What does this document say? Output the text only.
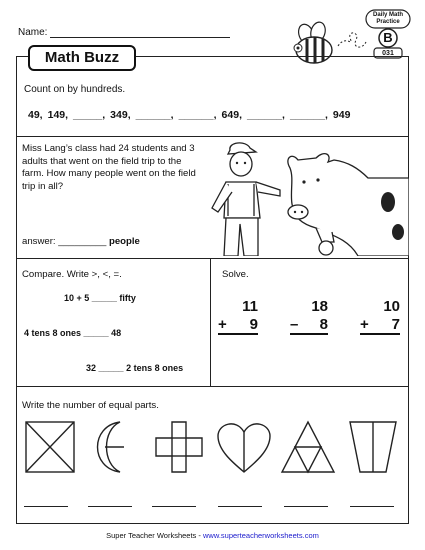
Name:
Daily Math
Practice
B
031
Math Buzz
Count on by hundreds.
49, 149, _____, 349, ______, ______, 649, ______, ______, 949
Miss Lang’s class had 24 students and 3 adults that went on the field trip to the farm. How many people went on the field trip in all?
answer: _________ people
Compare. Write >, <, =.
10 + 5 _____ fifty
4 tens 8 ones _____ 48
32 _____ 2 tens 8 ones
Solve.
11
+ 9
18
– 8
10
+ 7
Write the number of equal parts.
Super Teacher Worksheets - www.superteacherworksheets.com
